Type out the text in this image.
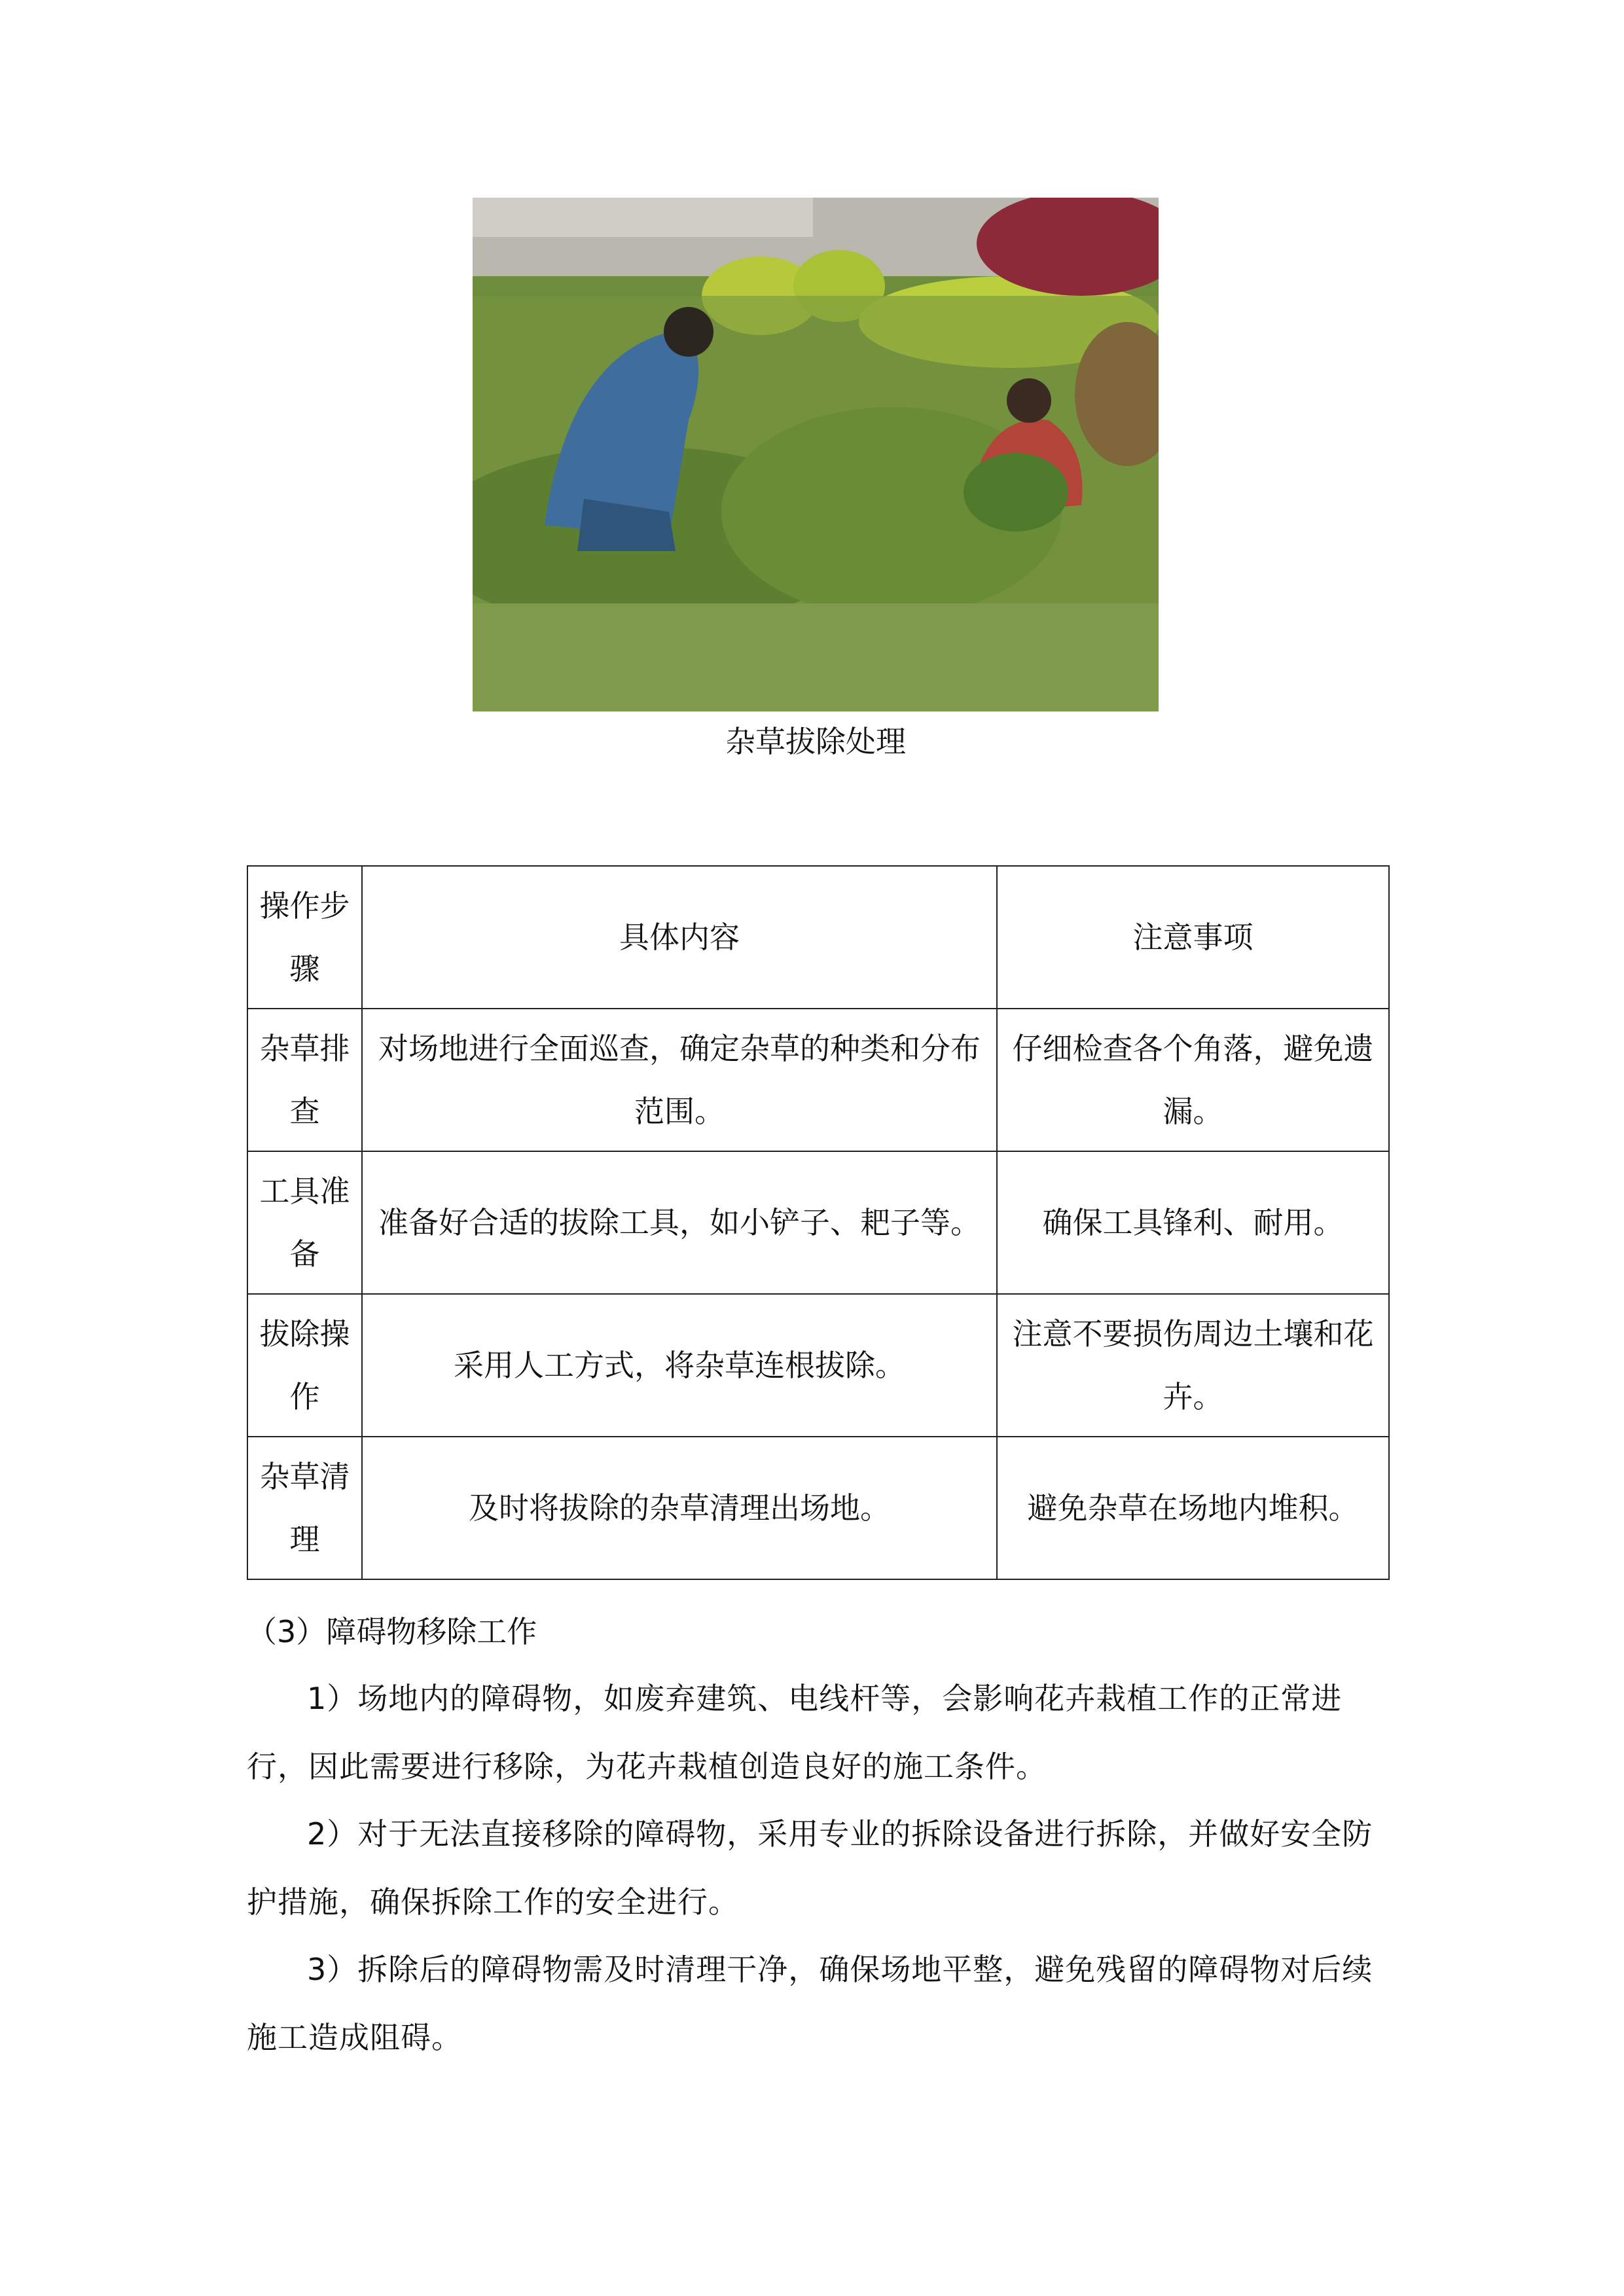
杂草拔除处理
操作步骤	具体内容	注意事项
杂草排查	对场地进行全面巡查，确定杂草的种类和分布范围。	仔细检查各个角落，避免遗漏。
工具准备	准备好合适的拔除工具，如小铲子、耙子等。	确保工具锋利、耐用。
拔除操作	采用人工方式，将杂草连根拔除。	注意不要损伤周边土壤和花卉。
杂草清理	及时将拔除的杂草清理出场地。	避免杂草在场地内堆积。
（3）障碍物移除工作

1）场地内的障碍物，如废弃建筑、电线杆等，会影响花卉栽植工作的正常进行，因此需要进行移除，为花卉栽植创造良好的施工条件。

2）对于无法直接移除的障碍物，采用专业的拆除设备进行拆除，并做好安全防护措施，确保拆除工作的安全进行。

3）拆除后的障碍物需及时清理干净，确保场地平整，避免残留的障碍物对后续施工造成阻碍。
